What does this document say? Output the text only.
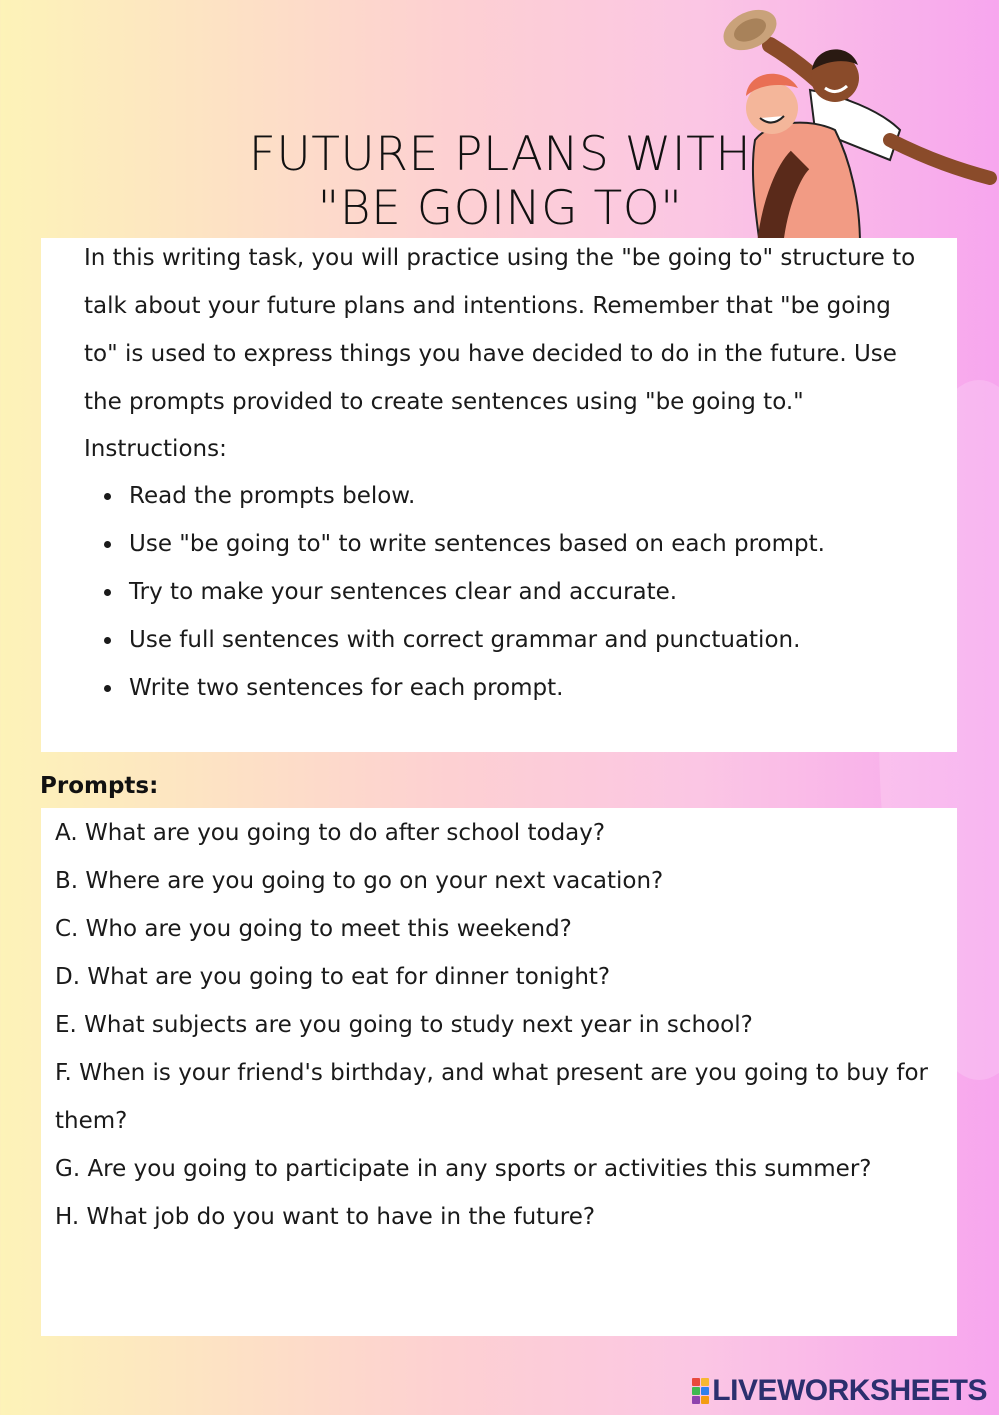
FUTURE PLANS WITH
"BE GOING TO"

In this writing task, you will practice using the "be going to" structure to talk about your future plans and intentions. Remember that "be going to" is used to express things you have decided to do in the future. Use the prompts provided to create sentences using "be going to."

Instructions:
Read the prompts below.
Use "be going to" to write sentences based on each prompt.
Try to make your sentences clear and accurate.
Use full sentences with correct grammar and punctuation.
Write two sentences for each prompt.
Prompts:
A. What are you going to do after school today?
B. Where are you going to go on your next vacation?
C. Who are you going to meet this weekend?
D. What are you going to eat for dinner tonight?
E. What subjects are you going to study next year in school?
F. When is your friend's birthday, and what present are you going to buy for them?
G. Are you going to participate in any sports or activities this summer?
H. What job do you want to have in the future?
LIVEWORKSHEETS
